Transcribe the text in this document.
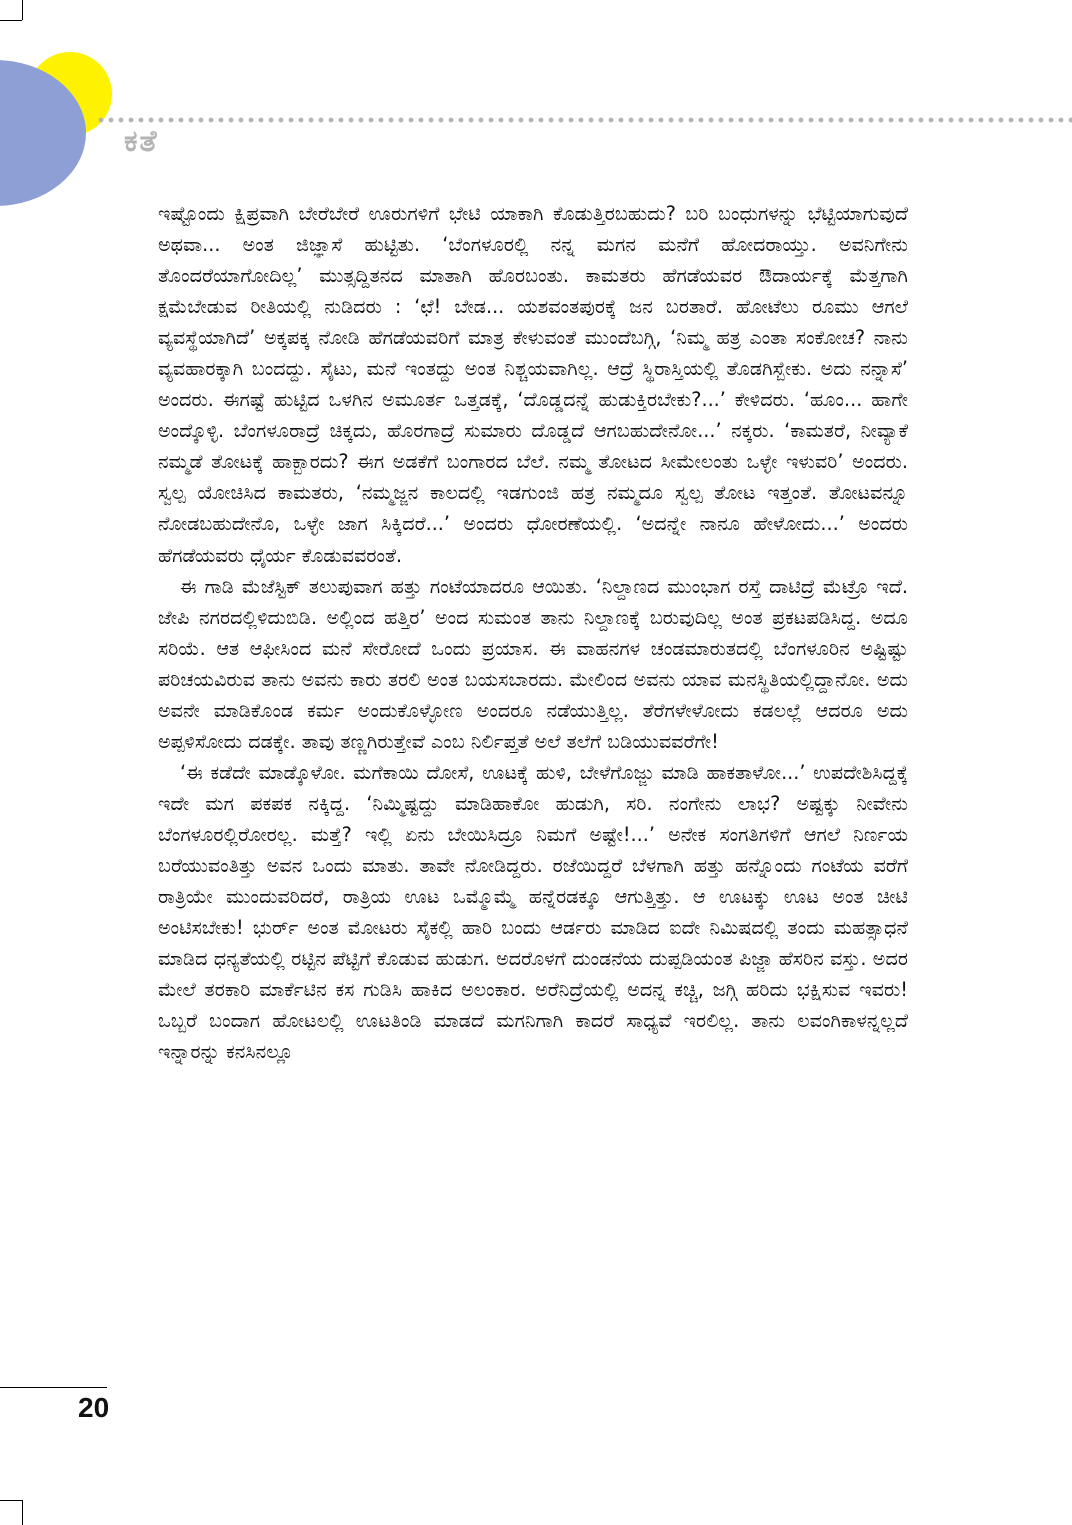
ಕತೆ

ಇಷ್ಟೊಂದು ಕ್ಷಿಪ್ರವಾಗಿ ಬೇರೆಬೇರೆ ಊರುಗಳಿಗೆ ಭೇಟಿ ಯಾಕಾಗಿ ಕೊಡುತ್ತಿರಬಹುದು? ಬರಿ ಬಂಧುಗಳನ್ನು ಭೆಟ್ಟಿಯಾಗುವುದೆ ಅಥವಾ... ಅಂತ ಜಿಜ್ಞಾಸೆ ಹುಟ್ಟಿತು. ‘ಬೆಂಗಳೂರಲ್ಲಿ ನನ್ನ ಮಗನ ಮನೆಗೆ ಹೋದರಾಯ್ತು. ಅವನಿಗೇನು ತೊಂದರೆಯಾಗೋದಿಲ್ಲ’ ಮುತ್ಸದ್ದಿತನದ ಮಾತಾಗಿ ಹೊರಬಂತು. ಕಾಮತರು ಹೆಗಡೆಯವರ ಔದಾರ್ಯಕ್ಕೆ ಮೆತ್ತಗಾಗಿ ಕ್ಷಮೆಬೇಡುವ ರೀತಿಯಲ್ಲಿ ನುಡಿದರು : ‘ಛೆ! ಬೇಡ... ಯಶವಂತಪುರಕ್ಕೆ ಜನ ಬರತಾರೆ. ಹೋಟೆಲು ರೂಮು ಆಗಲೆ ವ್ಯವಸ್ಥೆಯಾಗಿದೆ’ ಅಕ್ಕಪಕ್ಕ ನೋಡಿ ಹೆಗಡೆಯವರಿಗೆ ಮಾತ್ರ ಕೇಳುವಂತೆ ಮುಂದೆಬಗ್ಗಿ, ‘ನಿಮ್ಮ ಹತ್ರ ಎಂತಾ ಸಂಕೋಚ? ನಾನು ವ್ಯವಹಾರಕ್ಕಾಗಿ ಬಂದದ್ದು. ಸೈಟು, ಮನೆ ಇಂತದ್ದು ಅಂತ ನಿಶ್ಚಯವಾಗಿಲ್ಲ. ಆದ್ರೆ ಸ್ಥಿರಾಸ್ತಿಯಲ್ಲಿ ತೊಡಗಿಸ್ಬೇಕು. ಅದು ನನ್ನಾಸೆ’ ಅಂದರು. ಈಗಷ್ಟೆ ಹುಟ್ಟಿದ ಒಳಗಿನ ಅಮೂರ್ತ ಒತ್ತಡಕ್ಕೆ, ‘ದೊಡ್ಡದನ್ನೆ ಹುಡುಕ್ತಿರಬೇಕು?...’ ಕೇಳಿದರು. ‘ಹೂಂ... ಹಾಗೇ ಅಂದ್ಕೊಳ್ಳಿ. ಬೆಂಗಳೂರಾದ್ರೆ ಚಿಕ್ಕದು, ಹೊರಗಾದ್ರೆ ಸುಮಾರು ದೊಡ್ಡದೆ ಆಗಬಹುದೇನೋ...’ ನಕ್ಕರು. ‘ಕಾಮತರೆ, ನೀವ್ಯಾಕೆ ನಮ್ಮಡೆ ತೋಟಕ್ಕೆ ಹಾಕ್ಬಾರದು? ಈಗ ಅಡಕೆಗೆ ಬಂಗಾರದ ಬೆಲೆ. ನಮ್ಮ ತೋಟದ ಸೀಮೇಲಂತು ಒಳ್ಳೇ ಇಳುವರಿ’ ಅಂದರು. ಸ್ವಲ್ಪ ಯೋಚಿಸಿದ ಕಾಮತರು, ‘ನಮ್ಮಜ್ಜನ ಕಾಲದಲ್ಲಿ ಇಡಗುಂಜಿ ಹತ್ರ ನಮ್ಮದೂ ಸ್ವಲ್ಪ ತೋಟ ಇತ್ತಂತೆ. ತೋಟವನ್ನೂ ನೋಡಬಹುದೇನೊ, ಒಳ್ಳೇ ಜಾಗ ಸಿಕ್ಕಿದರೆ...’ ಅಂದರು ಧೋರಣೆಯಲ್ಲಿ. ‘ಅದನ್ನೇ ನಾನೂ ಹೇಳೋದು...’ ಅಂದರು ಹೆಗಡೆಯವರು ಧೈರ್ಯ ಕೊಡುವವರಂತೆ.

ಈ ಗಾಡಿ ಮೆಜೆಸ್ಟಿಕ್ ತಲುಪುವಾಗ ಹತ್ತು ಗಂಟೆಯಾದರೂ ಆಯಿತು. ‘ನಿಲ್ದಾಣದ ಮುಂಭಾಗ ರಸ್ತೆ ದಾಟಿದ್ರೆ ಮೆಟ್ರೊ ಇದೆ. ಜೇಪಿ ನಗರದಲ್ಲಿಳಿದುಬಿಡಿ. ಅಲ್ಲಿಂದ ಹತ್ತಿರ’ ಅಂದ ಸುಮಂತ ತಾನು ನಿಲ್ದಾಣಕ್ಕೆ ಬರುವುದಿಲ್ಲ ಅಂತ ಪ್ರಕಟಪಡಿಸಿದ್ದ. ಅದೂ ಸರಿಯೆ. ಆತ ಆಫೀಸಿಂದ ಮನೆ ಸೇರೋದೆ ಒಂದು ಪ್ರಯಾಸ. ಈ ವಾಹನಗಳ ಚಂಡಮಾರುತದಲ್ಲಿ ಬೆಂಗಳೂರಿನ ಅಷ್ಟಿಷ್ಟು ಪರಿಚಯವಿರುವ ತಾನು ಅವನು ಕಾರು ತರಲಿ ಅಂತ ಬಯಸಬಾರದು. ಮೇಲಿಂದ ಅವನು ಯಾವ ಮನಸ್ಥಿತಿಯಲ್ಲಿದ್ದಾನೋ. ಅದು ಅವನೇ ಮಾಡಿಕೊಂಡ ಕರ್ಮ ಅಂದುಕೊಳ್ಳೋಣ ಅಂದರೂ ನಡೆಯುತ್ತಿಲ್ಲ. ತೆರೆಗಳೇಳೋದು ಕಡಲಲ್ಲೆ ಆದರೂ ಅದು ಅಪ್ಪಳಿಸೋದು ದಡಕ್ಕೇ. ತಾವು ತಣ್ಣಗಿರುತ್ತೇವೆ ಎಂಬ ನಿರ್ಲಿಪ್ತತೆ ಅಲೆ ತಲೆಗೆ ಬಡಿಯುವವರೆಗೇ!

‘ಈ ಕಡೆದೇ ಮಾಡ್ಕೊಳೋ. ಮಗೆಕಾಯಿ ದೋಸೆ, ಊಟಕ್ಕೆ ಹುಳಿ, ಬೇಳೆಗೊಜ್ಜು ಮಾಡಿ ಹಾಕತಾಳೋ...’ ಉಪದೇಶಿಸಿದ್ದಕ್ಕೆ ಇದೇ ಮಗ ಪಕಪಕ ನಕ್ಕಿದ್ದ. ‘ನಿಮ್ಮಿಷ್ಟದ್ದು ಮಾಡಿಹಾಕೋ ಹುಡುಗಿ, ಸರಿ. ನಂಗೇನು ಲಾಭ? ಅಷ್ಟಕ್ಕು ನೀವೇನು ಬೆಂಗಳೂರಲ್ಲಿರೋರಲ್ಲ. ಮತ್ತೆ? ಇಲ್ಲಿ ಏನು ಬೇಯಿಸಿದ್ರೂ ನಿಮಗೆ ಅಷ್ಟೇ!...’ ಅನೇಕ ಸಂಗತಿಗಳಿಗೆ ಆಗಲೆ ನಿರ್ಣಯ ಬರೆಯುವಂತಿತ್ತು ಅವನ ಒಂದು ಮಾತು. ತಾವೇ ನೋಡಿದ್ದರು. ರಜೆಯಿದ್ದರೆ ಬೆಳಗಾಗಿ ಹತ್ತು ಹನ್ನೊಂದು ಗಂಟೆಯ ವರೆಗೆ ರಾತ್ರಿಯೇ ಮುಂದುವರಿದರೆ, ರಾತ್ರಿಯ ಊಟ ಒಮ್ಮೊಮ್ಮೆ ಹನ್ನೆರಡಕ್ಕೂ ಆಗುತ್ತಿತ್ತು. ಆ ಊಟಕ್ಕು ಊಟ ಅಂತ ಚೀಟಿ ಅಂಟಿಸಬೇಕು! ಭುರ್ರ್ ಅಂತ ಮೋಟರು ಸೈಕಲ್ಲಿ ಹಾರಿ ಬಂದು ಆರ್ಡರು ಮಾಡಿದ ಐದೇ ನಿಮಿಷದಲ್ಲಿ ತಂದು ಮಹತ್ಸಾಧನೆ ಮಾಡಿದ ಧನ್ಯತೆಯಲ್ಲಿ ರಟ್ಟಿನ ಪೆಟ್ಟಿಗೆ ಕೊಡುವ ಹುಡುಗ. ಅದರೊಳಗೆ ದುಂಡನೆಯ ದುಪ್ಪಡಿಯಂತ ಪಿಜ್ಜಾ ಹೆಸರಿನ ವಸ್ತು. ಅದರ ಮೇಲೆ ತರಕಾರಿ ಮಾರ್ಕೆಟಿನ ಕಸ ಗುಡಿಸಿ ಹಾಕಿದ ಅಲಂಕಾರ. ಅರೆನಿದ್ರೆಯಲ್ಲಿ ಅದನ್ನ ಕಚ್ಚಿ, ಜಗ್ಗಿ ಹರಿದು ಭಕ್ಷಿಸುವ ಇವರು! ಒಬ್ಬರೆ ಬಂದಾಗ ಹೋಟಲಲ್ಲಿ ಊಟತಿಂಡಿ ಮಾಡದೆ ಮಗನಿಗಾಗಿ ಕಾದರೆ ಸಾಧ್ಯವೆ ಇರಲಿಲ್ಲ. ತಾನು ಲವಂಗಿಕಾಳನ್ನಲ್ಲದೆ ಇನ್ನಾರನ್ನು ಕನಸಿನಲ್ಲೂ

20
